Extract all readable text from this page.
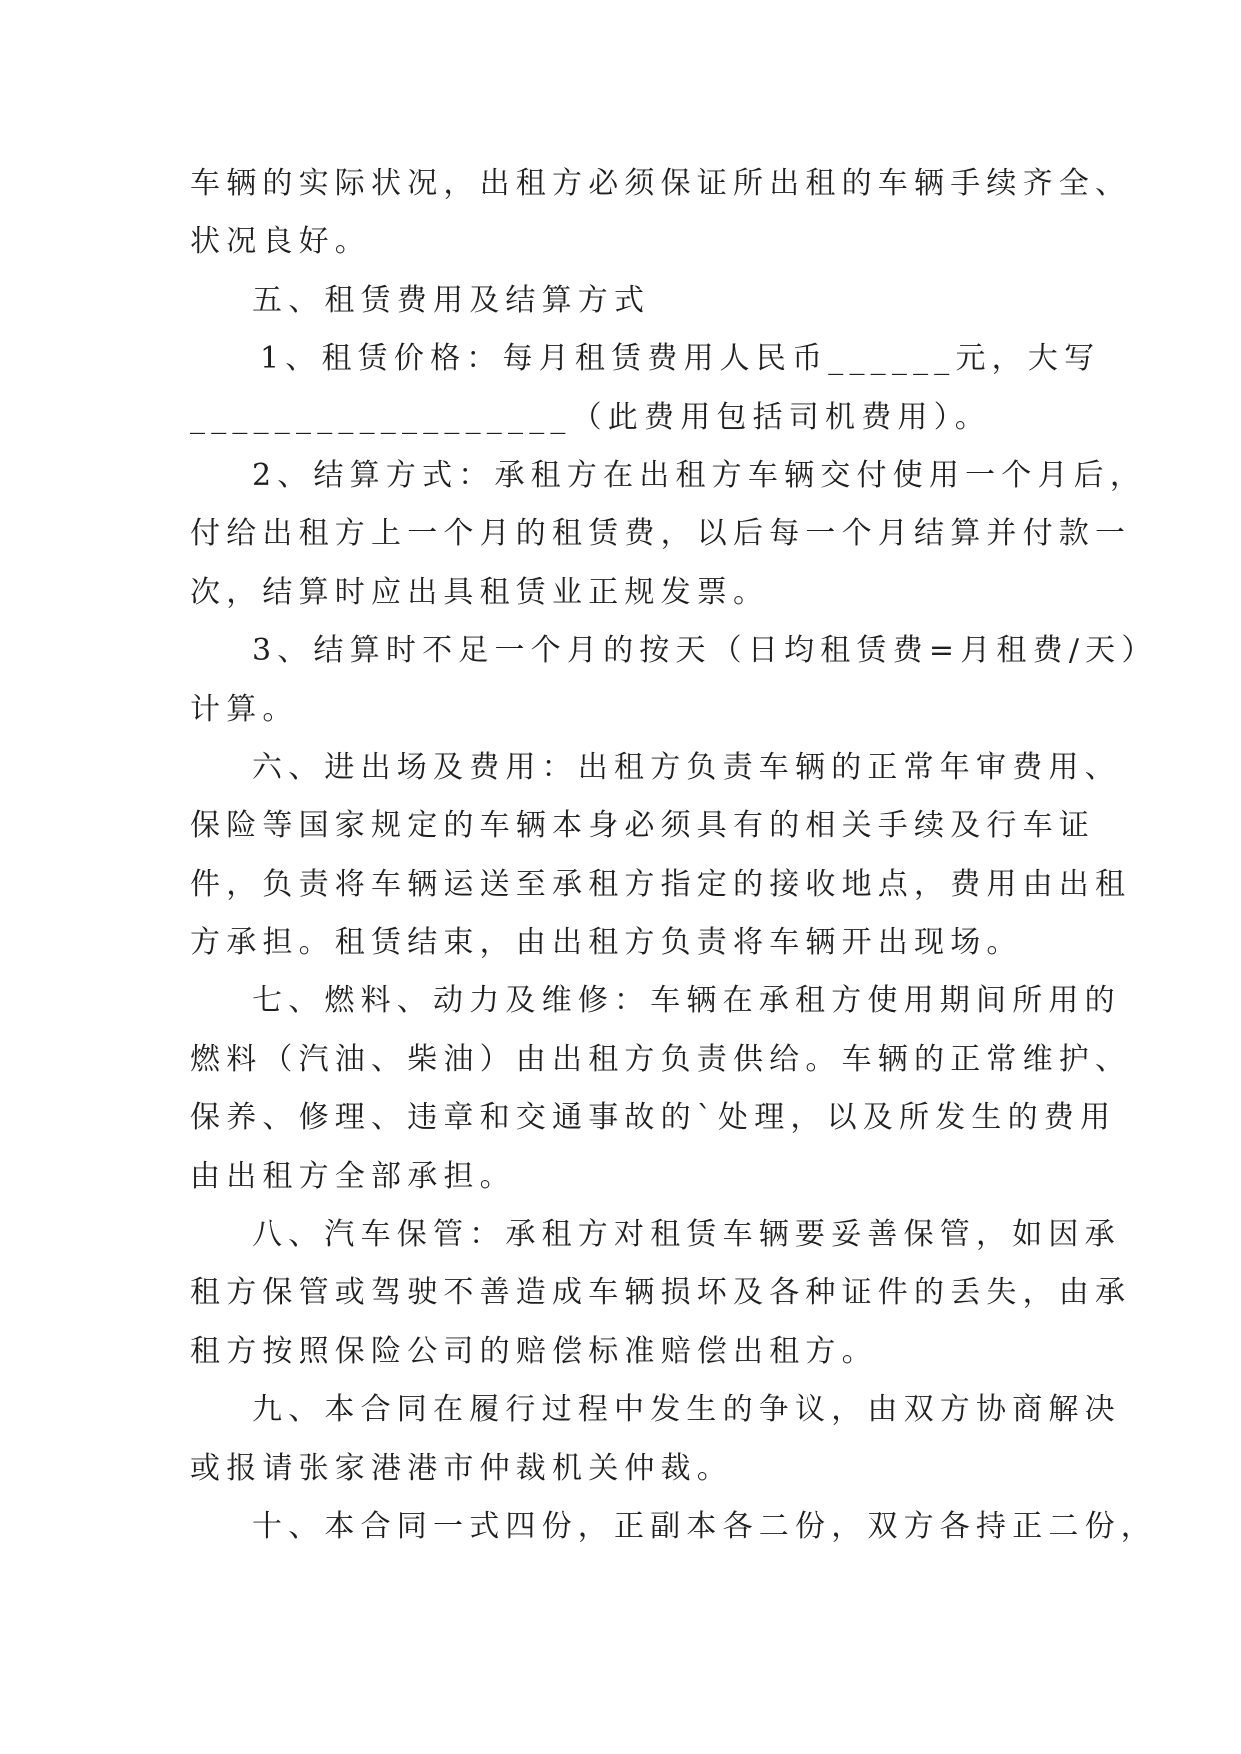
车辆的实际状况，出租方必须保证所出租的车辆手续齐全、
状况良好。
五、租赁费用及结算方式
1、租赁价格：每月租赁费用人民币______元，大写
__________________（此费用包括司机费用）。
2、结算方式：承租方在出租方车辆交付使用一个月后，
付给出租方上一个月的租赁费，以后每一个月结算并付款一
次，结算时应出具租赁业正规发票。
3、结算时不足一个月的按天（日均租赁费=月租费/天）
计算。
六、进出场及费用：出租方负责车辆的正常年审费用、
保险等国家规定的车辆本身必须具有的相关手续及行车证
件，负责将车辆运送至承租方指定的接收地点，费用由出租
方承担。租赁结束，由出租方负责将车辆开出现场。
七、燃料、动力及维修：车辆在承租方使用期间所用的
燃料（汽油、柴油）由出租方负责供给。车辆的正常维护、
保养、修理、违章和交通事故的`处理，以及所发生的费用
由出租方全部承担。
八、汽车保管：承租方对租赁车辆要妥善保管，如因承
租方保管或驾驶不善造成车辆损坏及各种证件的丢失，由承
租方按照保险公司的赔偿标准赔偿出租方。
九、本合同在履行过程中发生的争议，由双方协商解决
或报请张家港港市仲裁机关仲裁。
十、本合同一式四份，正副本各二份，双方各持正二份，
